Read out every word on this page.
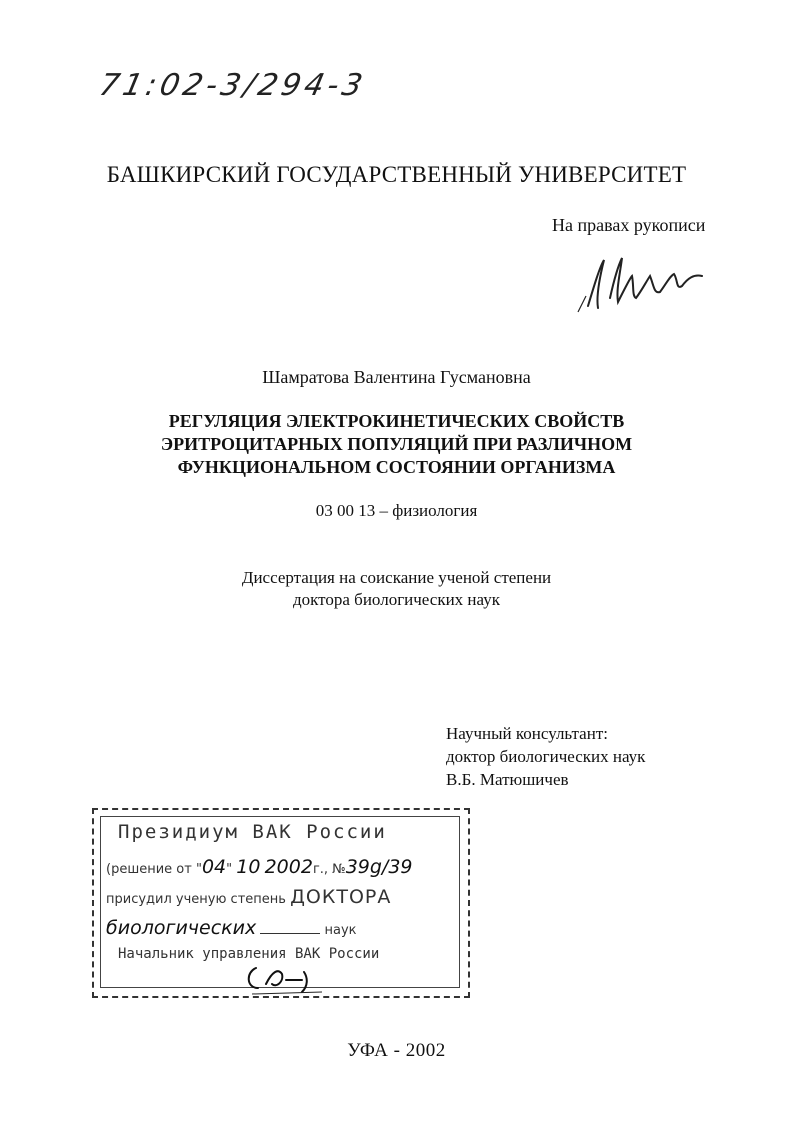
71:02-3/294-3
БАШКИРСКИЙ ГОСУДАРСТВЕННЫЙ УНИВЕРСИТЕТ
На правах рукописи
Шамратова Валентина Гусмановна
РЕГУЛЯЦИЯ ЭЛЕКТРОКИНЕТИЧЕСКИХ СВОЙСТВ
ЭРИТРОЦИТАРНЫХ ПОПУЛЯЦИЙ ПРИ РАЗЛИЧНОМ
ФУНКЦИОНАЛЬНОМ СОСТОЯНИИ ОРГАНИЗМА
03 00 13 – физиология
Диссертация на соискание ученой степени
доктора биологических наук
Научный консультант:
доктор биологических наук
В.Б. Матюшичев
Президиум ВАК России
(решение от "04" 10 2002г., №39g/39
присудил ученую степень ДОКТОРА
биологических	наук
Начальник управления ВАК России
УФА - 2002
